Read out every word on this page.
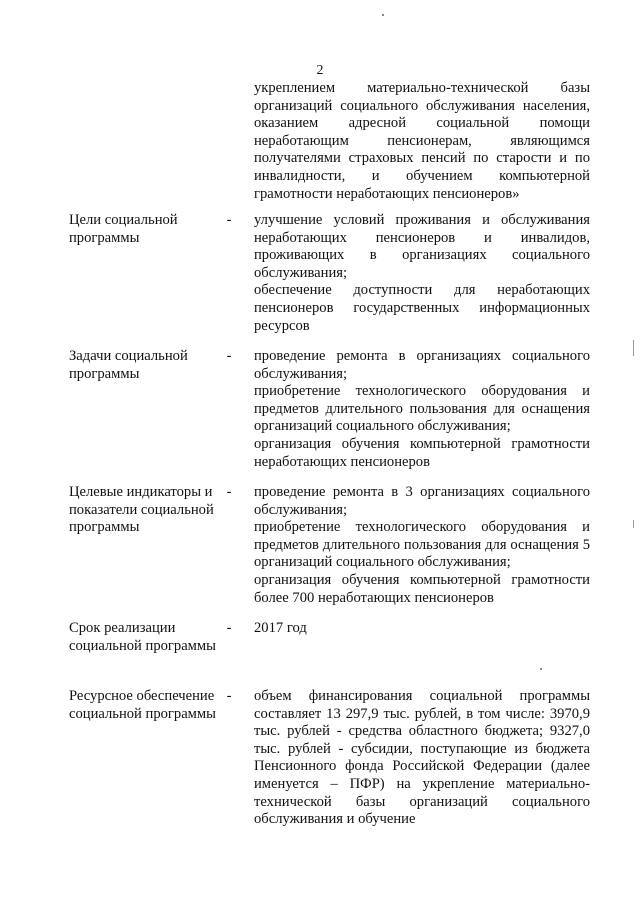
2

укреплением материально-технической базы организаций социального обслуживания населения, оказанием адресной социальной помощи неработающим пенсионерам, являющимся получателями страховых пенсий по старости и по инвалидности, и обучением компьютерной грамотности неработающих пенсионеров»

Цели социальной программы
- улучшение условий проживания и обслуживания неработающих пенсионеров и инвалидов, проживающих в организациях социального обслуживания;

обеспечение доступности для неработающих пенсионеров государственных информационных ресурсов

Задачи социальной программы
- проведение ремонта в организациях социального обслуживания;

приобретение технологического оборудования и предметов длительного пользования для оснащения организаций социального обслуживания;

организация обучения компьютерной грамотности неработающих пенсионеров

Целевые индикаторы и показатели социальной программы
- проведение ремонта в 3 организациях социального обслуживания;

приобретение технологического оборудования и предметов длительного пользования для оснащения 5 организаций социального обслуживания;

организация обучения компьютерной грамотности более 700 неработающих пенсионеров

Срок реализации социальной программы
- 2017 год

Ресурсное обеспечение социальной программы
- объем финансирования социальной программы составляет 13 297,9 тыс. рублей, в том числе: 3970,9 тыс. рублей - средства областного бюджета; 9327,0 тыс. рублей - субсидии, поступающие из бюджета Пенсионного фонда Российской Федерации (далее именуется – ПФР) на укрепление материально-технической базы организаций социального обслуживания и обучение
